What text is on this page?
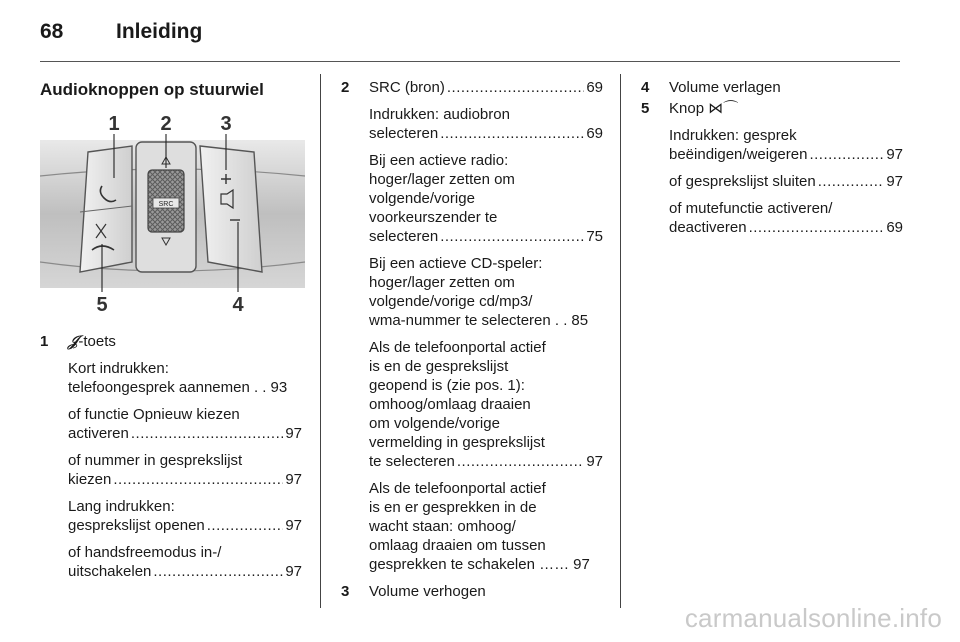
68	Inleiding
Audioknoppen op stuurwiel
SRC
1 2 3
5	4
1 𝒥-toets
Kort indrukken:
telefoongesprek aannemen . . 93
of functie Opnieuw kiezen
activeren .....	97
of nummer in gesprekslijst
kiezen .....	97
Lang indrukken:
gesprekslijst openen .....	97
of handsfreemodus in-/
uitschakelen .....	97
2 SRC (bron) .....	69
Indrukken: audiobron
selecteren .....	69
Bij een actieve radio:
hoger/lager zetten om
volgende/vorige
voorkeurszender te
selecteren .....	75
Bij een actieve CD-speler:
hoger/lager zetten om
volgende/vorige cd/mp3/
wma-nummer te selecteren . . 85
Als de telefoonportal actief
is en de gesprekslijst
geopend is (zie pos. 1):
omhoog/omlaag draaien
om volgende/vorige
vermelding in gesprekslijst
te selecteren .....	97
Als de telefoonportal actief
is en er gesprekken in de
wacht staan: omhoog/
omlaag draaien om tussen
gesprekken te schakelen …… 97
3 Volume verhogen
4 Volume verlagen
5 Knop ⋈⌒
Indrukken: gesprek
beëindigen/weigeren .....	97
of gesprekslijst sluiten .....	97
of mutefunctie activeren/
deactiveren .....	69
carmanualsonline.info
